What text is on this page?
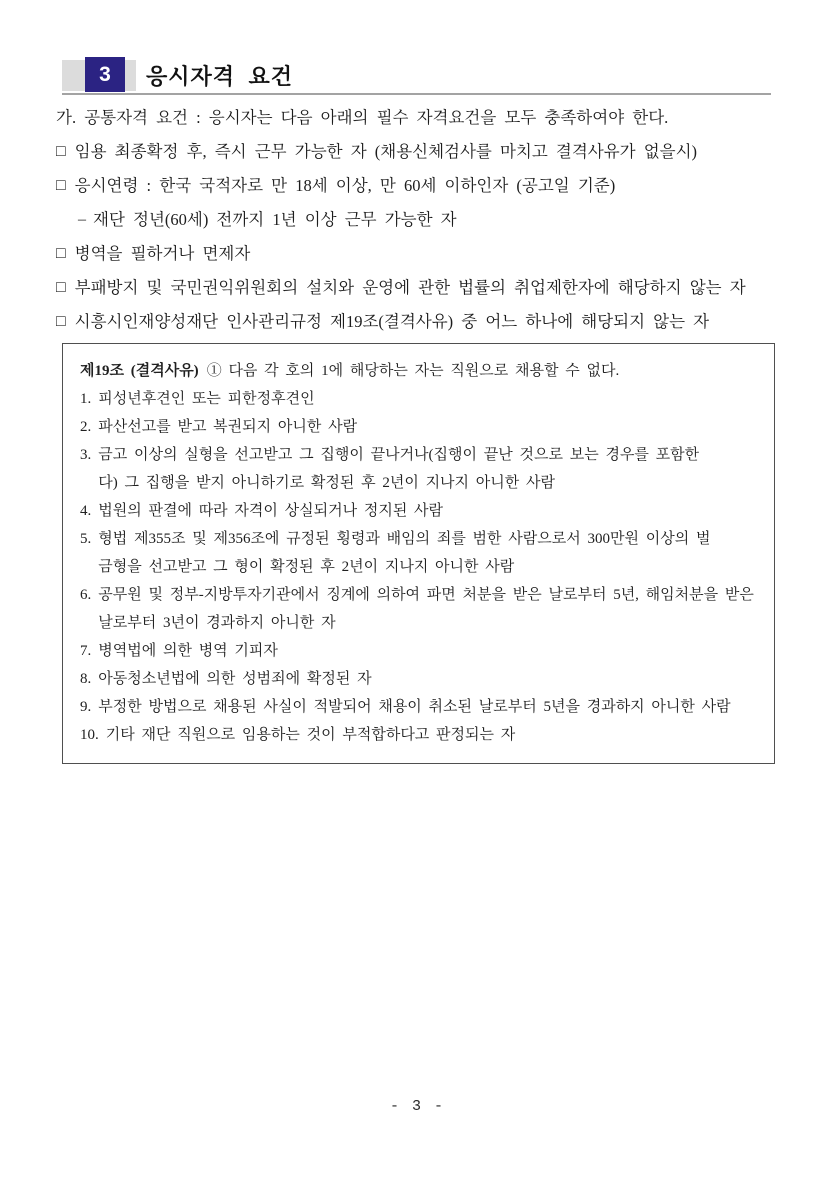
3	응시자격 요건
가. 공통자격 요건 : 응시자는 다음 아래의 필수 자격요건을 모두 충족하여야 한다.
□ 임용 최종확정 후, 즉시 근무 가능한 자 (채용신체검사를 마치고 결격사유가 없을시)
□ 응시연령 : 한국 국적자로 만 18세 이상, 만 60세 이하인자 (공고일 기준)
– 재단 정년(60세) 전까지 1년 이상 근무 가능한 자
□ 병역을 필하거나 면제자
□ 부패방지 및 국민권익위원회의 설치와 운영에 관한 법률의 취업제한자에 해당하지 않는 자
□ 시흥시인재양성재단 인사관리규정 제19조(결격사유) 중 어느 하나에 해당되지 않는 자
제19조 (결격사유) ① 다음 각 호의 1에 해당하는 자는 직원으로 채용할 수 없다.
1. 피성년후견인 또는 피한정후견인
2. 파산선고를 받고 복권되지 아니한 사람
3. 금고 이상의 실형을 선고받고 그 집행이 끝나거나(집행이 끝난 것으로 보는 경우를 포함한
다) 그 집행을 받지 아니하기로 확정된 후 2년이 지나지 아니한 사람
4. 법원의 판결에 따라 자격이 상실되거나 정지된 사람
5. 형법 제355조 및 제356조에 규정된 횡령과 배임의 죄를 범한 사람으로서 300만원 이상의 벌
금형을 선고받고 그 형이 확정된 후 2년이 지나지 아니한 사람
6. 공무원 및 정부-지방투자기관에서 징계에 의하여 파면 처분을 받은 날로부터 5년, 해임처분을 받은
날로부터 3년이 경과하지 아니한 자
7. 병역법에 의한 병역 기피자
8. 아동청소년법에 의한 성범죄에 확정된 자
9. 부정한 방법으로 채용된 사실이 적발되어 채용이 취소된 날로부터 5년을 경과하지 아니한 사람
10. 기타 재단 직원으로 임용하는 것이 부적합하다고 판정되는 자
- 3 -
